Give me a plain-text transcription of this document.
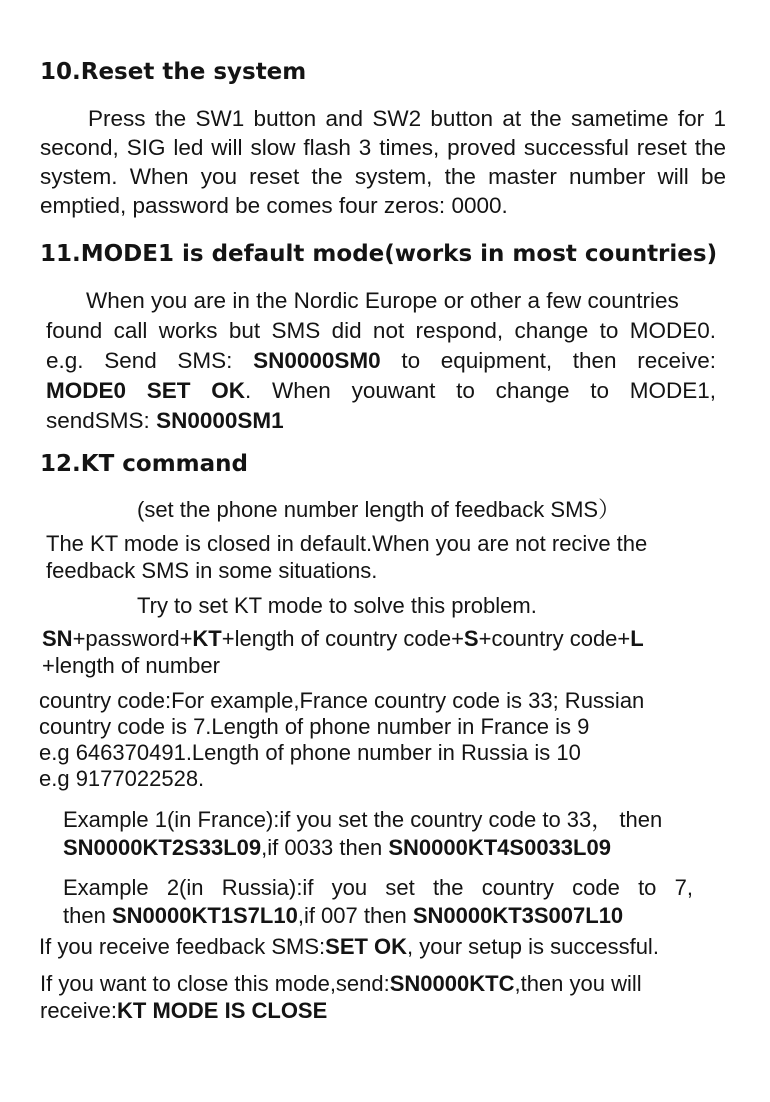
10.Reset the system
Press the SW1 button and SW2 button at the sametime for 1
second, SIG led will slow flash 3 times, proved successful reset the
system. When you reset the system, the master number will be
emptied, password be comes four zeros: 0000.
11.MODE1 is default mode(works in most countries)
When you are in the Nordic Europe or other a few countries
found call works but SMS did not respond, change to MODE0.
e.g. Send SMS: SN0000SM0 to equipment, then receive:
MODE0 SET OK. When youwant to change to MODE1,
sendSMS: SN0000SM1
12.KT command
(set the phone number length of feedback SMS）
The KT mode is closed in default.When you are not recive the
feedback SMS in some situations.
Try to set KT mode to solve this problem.
SN+password+KT+length of country code+S+country code+L
+length of number
country code:For example,France country code is 33; Russian
country code is 7.Length of phone number in France is 9
e.g 646370491.Length of phone number in Russia is 10
e.g 9177022528.
Example 1(in France):if you set the country code to 33， then
SN0000KT2S33L09,if 0033 then SN0000KT4S0033L09
Example 2(in Russia):if you set the country code to 7,
then SN0000KT1S7L10,if 007 then SN0000KT3S007L10
If you receive feedback SMS:SET OK, your setup is successful.
If you want to close this mode,send:SN0000KTC,then you will
receive:KT MODE IS CLOSE
